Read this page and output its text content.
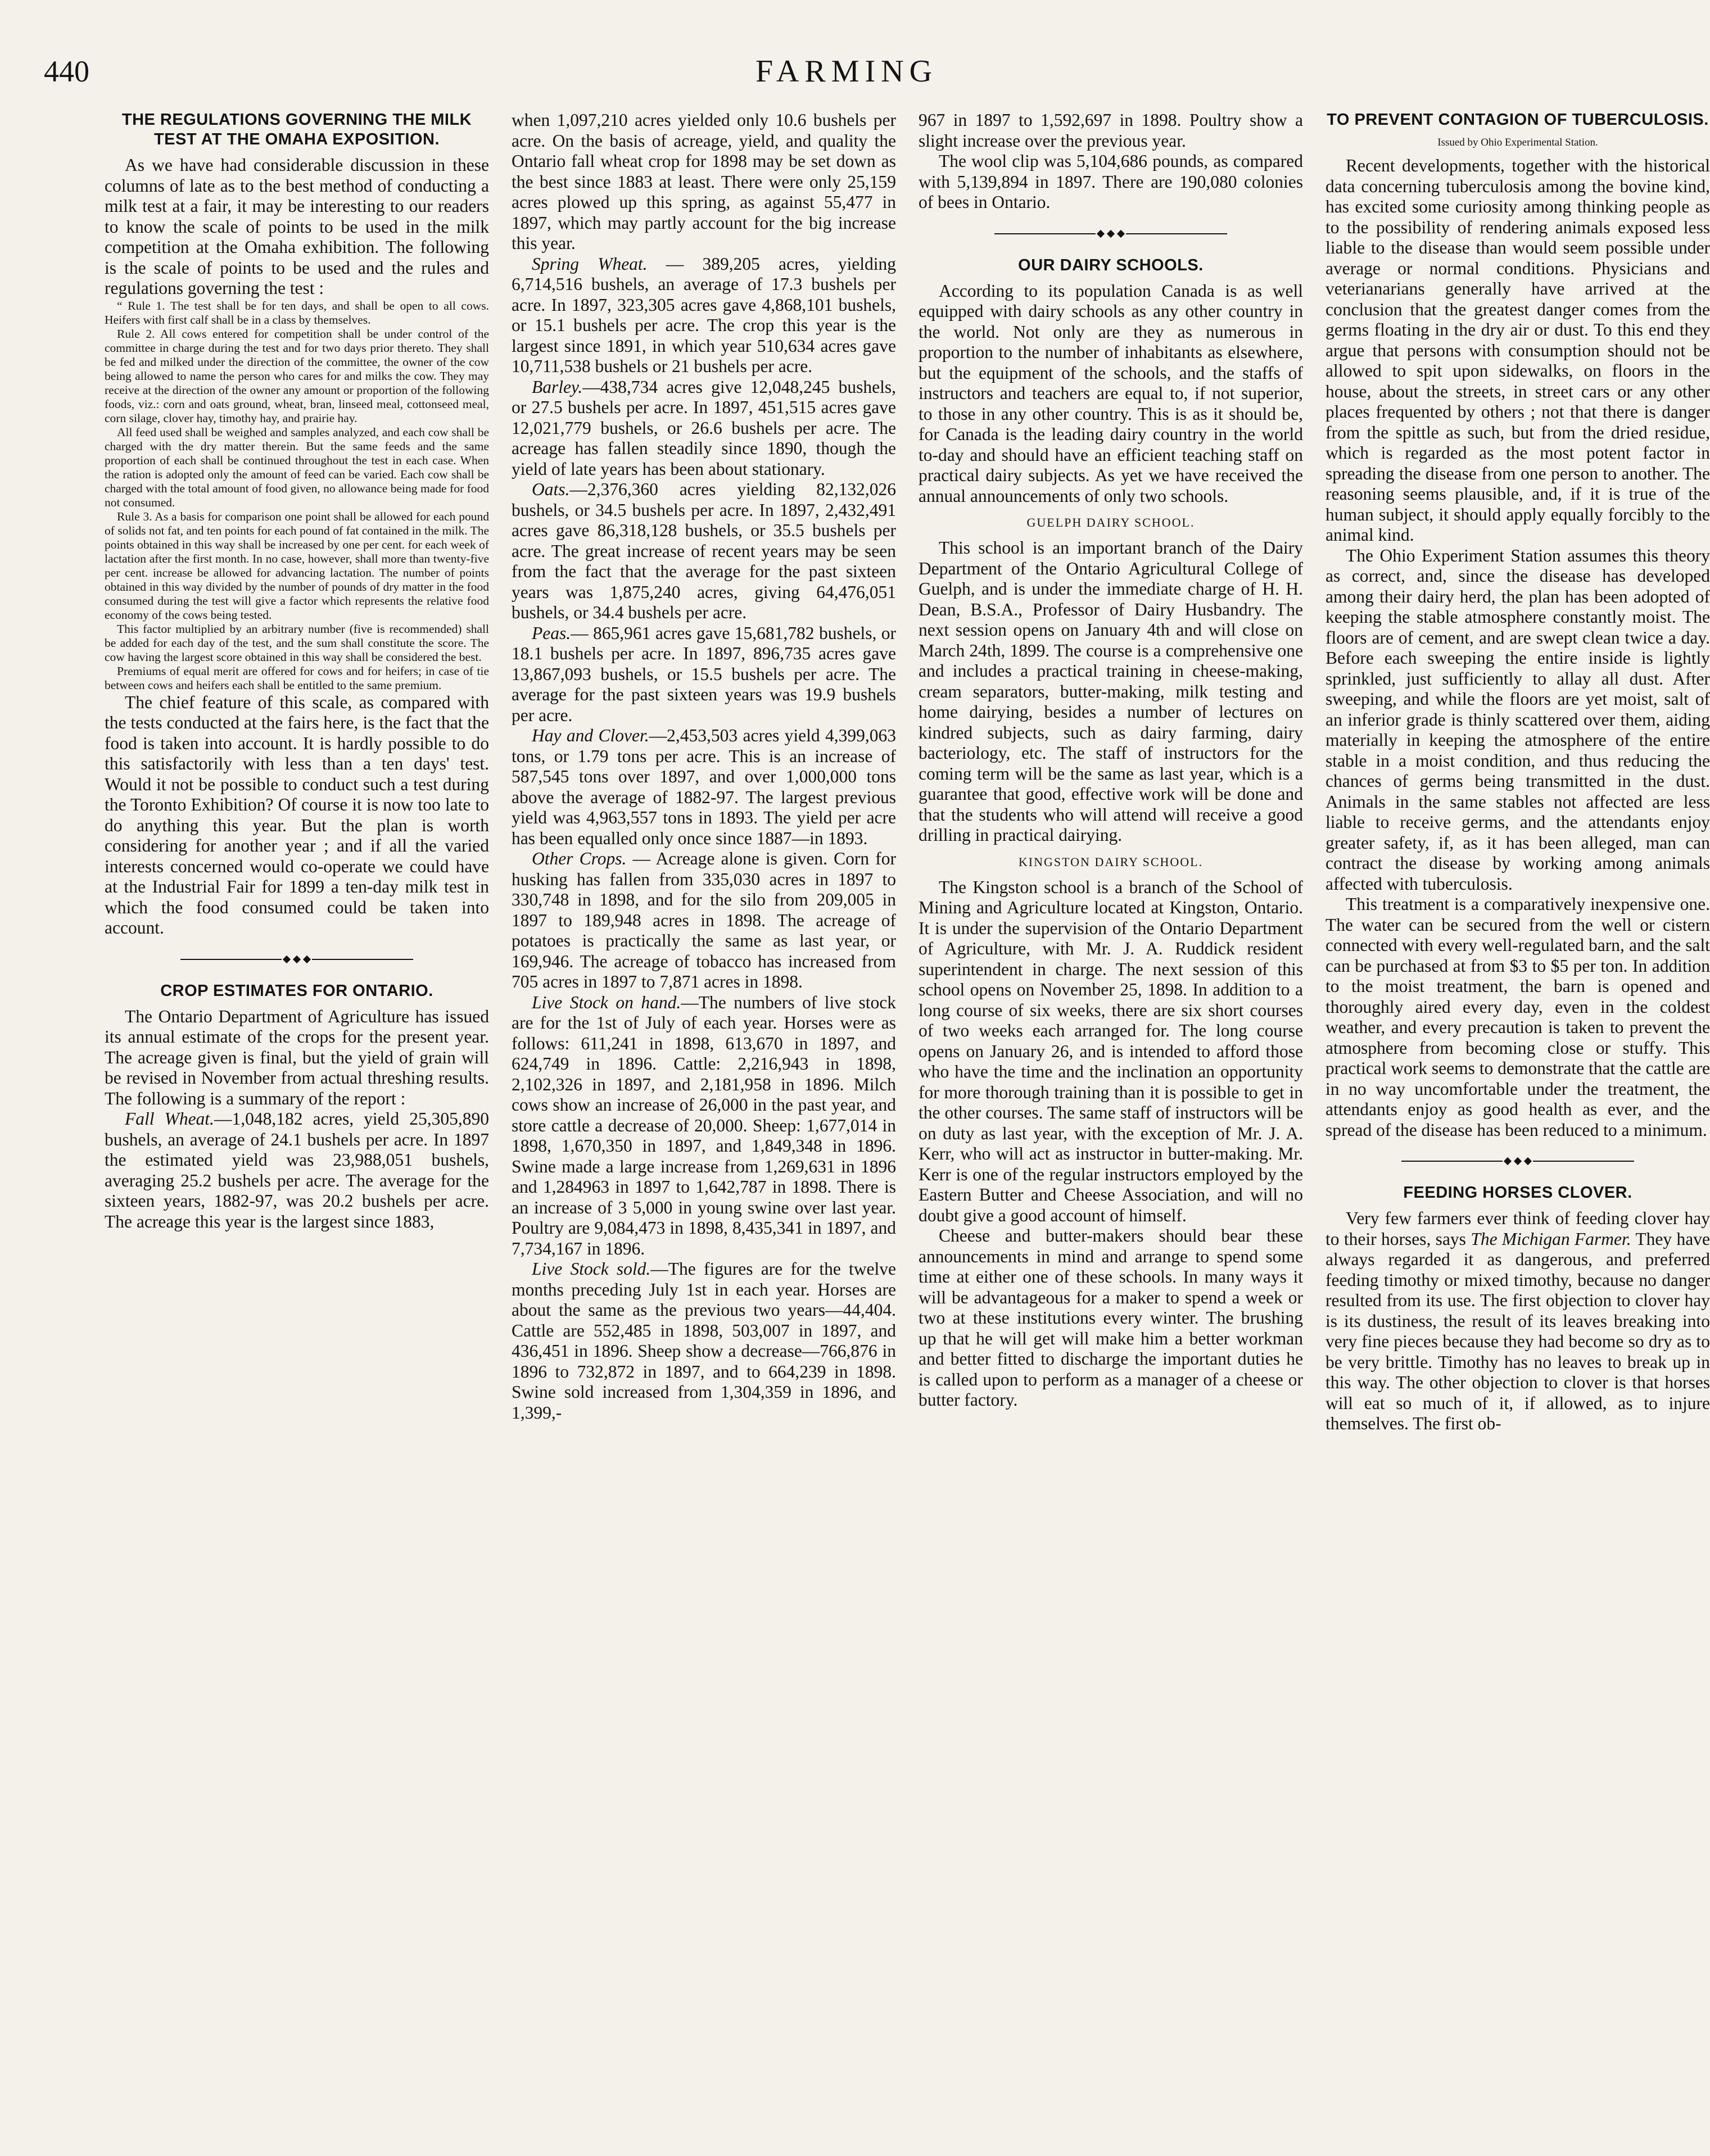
440	FARMING
THE REGULATIONS GOVERNING THE MILK TEST AT THE OMAHA EXPOSITION.

As we have had considerable discussion in these columns of late as to the best method of conducting a milk test at a fair, it may be interesting to our readers to know the scale of points to be used in the milk competition at the Omaha exhibition. The following is the scale of points to be used and the rules and regulations governing the test :

“ Rule 1. The test shall be for ten days, and shall be open to all cows. Heifers with first calf shall be in a class by themselves.

Rule 2. All cows entered for competition shall be under control of the committee in charge during the test and for two days prior thereto. They shall be fed and milked under the direction of the committee, the owner of the cow being allowed to name the person who cares for and milks the cow. They may receive at the direction of the owner any amount or proportion of the following foods, viz.: corn and oats ground, wheat, bran, linseed meal, cottonseed meal, corn silage, clover hay, timothy hay, and prairie hay.

All feed used shall be weighed and samples analyzed, and each cow shall be charged with the dry matter therein. But the same feeds and the same proportion of each shall be continued throughout the test in each case. When the ration is adopted only the amount of feed can be varied. Each cow shall be charged with the total amount of food given, no allowance being made for food not consumed.

Rule 3. As a basis for comparison one point shall be allowed for each pound of solids not fat, and ten points for each pound of fat contained in the milk. The points obtained in this way shall be increased by one per cent. for each week of lactation after the first month. In no case, however, shall more than twenty-five per cent. increase be allowed for advancing lactation. The number of points obtained in this way divided by the number of pounds of dry matter in the food consumed during the test will give a factor which represents the relative food economy of the cows being tested.

This factor multiplied by an arbitrary number (five is recommended) shall be added for each day of the test, and the sum shall constitute the score. The cow having the largest score obtained in this way shall be considered the best.

Premiums of equal merit are offered for cows and for heifers; in case of tie between cows and heifers each shall be entitled to the same premium.

The chief feature of this scale, as compared with the tests conducted at the fairs here, is the fact that the food is taken into account. It is hardly possible to do this satisfactorily with less than a ten days' test. Would it not be possible to conduct such a test during the Toronto Exhibition? Of course it is now too late to do anything this year. But the plan is worth considering for another year ; and if all the varied interests concerned would co-operate we could have at the Industrial Fair for 1899 a ten-day milk test in which the food consumed could be taken into account.

CROP ESTIMATES FOR ONTARIO.

The Ontario Department of Agriculture has issued its annual estimate of the crops for the present year. The acreage given is final, but the yield of grain will be revised in November from actual threshing results. The following is a summary of the report :

Fall Wheat.—1,048,182 acres, yield 25,305,890 bushels, an average of 24.1 bushels per acre. In 1897 the estimated yield was 23,988,051 bushels, averaging 25.2 bushels per acre. The average for the sixteen years, 1882-97, was 20.2 bushels per acre. The acreage this year is the largest since 1883,

when 1,097,210 acres yielded only 10.6 bushels per acre. On the basis of acreage, yield, and quality the Ontario fall wheat crop for 1898 may be set down as the best since 1883 at least. There were only 25,159 acres plowed up this spring, as against 55,477 in 1897, which may partly account for the big increase this year.

Spring Wheat. — 389,205 acres, yielding 6,714,516 bushels, an average of 17.3 bushels per acre. In 1897, 323,305 acres gave 4,868,101 bushels, or 15.1 bushels per acre. The crop this year is the largest since 1891, in which year 510,634 acres gave 10,711,538 bushels or 21 bushels per acre.

Barley.—438,734 acres give 12,048,245 bushels, or 27.5 bushels per acre. In 1897, 451,515 acres gave 12,021,779 bushels, or 26.6 bushels per acre. The acreage has fallen steadily since 1890, though the yield of late years has been about stationary.

Oats.—2,376,360 acres yielding 82,132,026 bushels, or 34.5 bushels per acre. In 1897, 2,432,491 acres gave 86,318,128 bushels, or 35.5 bushels per acre. The great increase of recent years may be seen from the fact that the average for the past sixteen years was 1,875,240 acres, giving 64,476,051 bushels, or 34.4 bushels per acre.

Peas.— 865,961 acres gave 15,681,782 bushels, or 18.1 bushels per acre. In 1897, 896,735 acres gave 13,867,093 bushels, or 15.5 bushels per acre. The average for the past sixteen years was 19.9 bushels per acre.

Hay and Clover.—2,453,503 acres yield 4,399,063 tons, or 1.79 tons per acre. This is an increase of 587,545 tons over 1897, and over 1,000,000 tons above the average of 1882-97. The largest previous yield was 4,963,557 tons in 1893. The yield per acre has been equalled only once since 1887—in 1893.

Other Crops. — Acreage alone is given. Corn for husking has fallen from 335,030 acres in 1897 to 330,748 in 1898, and for the silo from 209,005 in 1897 to 189,948 acres in 1898. The acreage of potatoes is practically the same as last year, or 169,946. The acreage of tobacco has increased from 705 acres in 1897 to 7,871 acres in 1898.

Live Stock on hand.—The numbers of live stock are for the 1st of July of each year. Horses were as follows: 611,241 in 1898, 613,670 in 1897, and 624,749 in 1896. Cattle: 2,216,943 in 1898, 2,102,326 in 1897, and 2,181,958 in 1896. Milch cows show an increase of 26,000 in the past year, and store cattle a decrease of 20,000. Sheep: 1,677,014 in 1898, 1,670,350 in 1897, and 1,849,348 in 1896. Swine made a large increase from 1,269,631 in 1896 and 1,284963 in 1897 to 1,642,787 in 1898. There is an increase of 3 5,000 in young swine over last year. Poultry are 9,084,473 in 1898, 8,435,341 in 1897, and 7,734,167 in 1896.

Live Stock sold.—The figures are for the twelve months preceding July 1st in each year. Horses are about the same as the previous two years—44,404. Cattle are 552,485 in 1898, 503,007 in 1897, and 436,451 in 1896. Sheep show a decrease—766,876 in 1896 to 732,872 in 1897, and to 664,239 in 1898. Swine sold increased from 1,304,359 in 1896, and 1,399,-

967 in 1897 to 1,592,697 in 1898. Poultry show a slight increase over the previous year.

The wool clip was 5,104,686 pounds, as compared with 5,139,894 in 1897. There are 190,080 colonies of bees in Ontario.

OUR DAIRY SCHOOLS.

According to its population Canada is as well equipped with dairy schools as any other country in the world. Not only are they as numerous in proportion to the number of inhabitants as elsewhere, but the equipment of the schools, and the staffs of instructors and teachers are equal to, if not superior, to those in any other country. This is as it should be, for Canada is the leading dairy country in the world to-day and should have an efficient teaching staff on practical dairy subjects. As yet we have received the annual announcements of only two schools.

GUELPH DAIRY SCHOOL.

This school is an important branch of the Dairy Department of the Ontario Agricultural College of Guelph, and is under the immediate charge of H. H. Dean, B.S.A., Professor of Dairy Husbandry. The next session opens on January 4th and will close on March 24th, 1899. The course is a comprehensive one and includes a practical training in cheese-making, cream separators, butter-making, milk testing and home dairying, besides a number of lectures on kindred subjects, such as dairy farming, dairy bacteriology, etc. The staff of instructors for the coming term will be the same as last year, which is a guarantee that good, effective work will be done and that the students who will attend will receive a good drilling in practical dairying.

KINGSTON DAIRY SCHOOL.

The Kingston school is a branch of the School of Mining and Agriculture located at Kingston, Ontario. It is under the supervision of the Ontario Department of Agriculture, with Mr. J. A. Ruddick resident superintendent in charge. The next session of this school opens on November 25, 1898. In addition to a long course of six weeks, there are six short courses of two weeks each arranged for. The long course opens on January 26, and is intended to afford those who have the time and the inclination an opportunity for more thorough training than it is possible to get in the other courses. The same staff of instructors will be on duty as last year, with the exception of Mr. J. A. Kerr, who will act as instructor in butter-making. Mr. Kerr is one of the regular instructors employed by the Eastern Butter and Cheese Association, and will no doubt give a good account of himself.

Cheese and butter-makers should bear these announcements in mind and arrange to spend some time at either one of these schools. In many ways it will be advantageous for a maker to spend a week or two at these institutions every winter. The brushing up that he will get will make him a better workman and better fitted to discharge the important duties he is called upon to perform as a manager of a cheese or butter factory.

TO PREVENT CONTAGION OF TUBERCULOSIS.
Issued by Ohio Experimental Station.

Recent developments, together with the historical data concerning tuberculosis among the bovine kind, has excited some curiosity among thinking people as to the possibility of rendering animals exposed less liable to the disease than would seem possible under average or normal conditions. Physicians and veterianarians generally have arrived at the conclusion that the greatest danger comes from the germs floating in the dry air or dust. To this end they argue that persons with consumption should not be allowed to spit upon sidewalks, on floors in the house, about the streets, in street cars or any other places frequented by others ; not that there is danger from the spittle as such, but from the dried residue, which is regarded as the most potent factor in spreading the disease from one person to another. The reasoning seems plausible, and, if it is true of the human subject, it should apply equally forcibly to the animal kind.

The Ohio Experiment Station assumes this theory as correct, and, since the disease has developed among their dairy herd, the plan has been adopted of keeping the stable atmosphere constantly moist. The floors are of cement, and are swept clean twice a day. Before each sweeping the entire inside is lightly sprinkled, just sufficiently to allay all dust. After sweeping, and while the floors are yet moist, salt of an inferior grade is thinly scattered over them, aiding materially in keeping the atmosphere of the entire stable in a moist condition, and thus reducing the chances of germs being transmitted in the dust. Animals in the same stables not affected are less liable to receive germs, and the attendants enjoy greater safety, if, as it has been alleged, man can contract the disease by working among animals affected with tuberculosis.

This treatment is a comparatively inexpensive one. The water can be secured from the well or cistern connected with every well-regulated barn, and the salt can be purchased at from $3 to $5 per ton. In addition to the moist treatment, the barn is opened and thoroughly aired every day, even in the coldest weather, and every precaution is taken to prevent the atmosphere from becoming close or stuffy. This practical work seems to demonstrate that the cattle are in no way uncomfortable under the treatment, the attendants enjoy as good health as ever, and the spread of the disease has been reduced to a minimum.

FEEDING HORSES CLOVER.

Very few farmers ever think of feeding clover hay to their horses, says The Michigan Farmer. They have always regarded it as dangerous, and preferred feeding timothy or mixed timothy, because no danger resulted from its use. The first objection to clover hay is its dustiness, the result of its leaves breaking into very fine pieces because they had become so dry as to be very brittle. Timothy has no leaves to break up in this way. The other objection to clover is that horses will eat so much of it, if allowed, as to injure themselves. The first ob-
